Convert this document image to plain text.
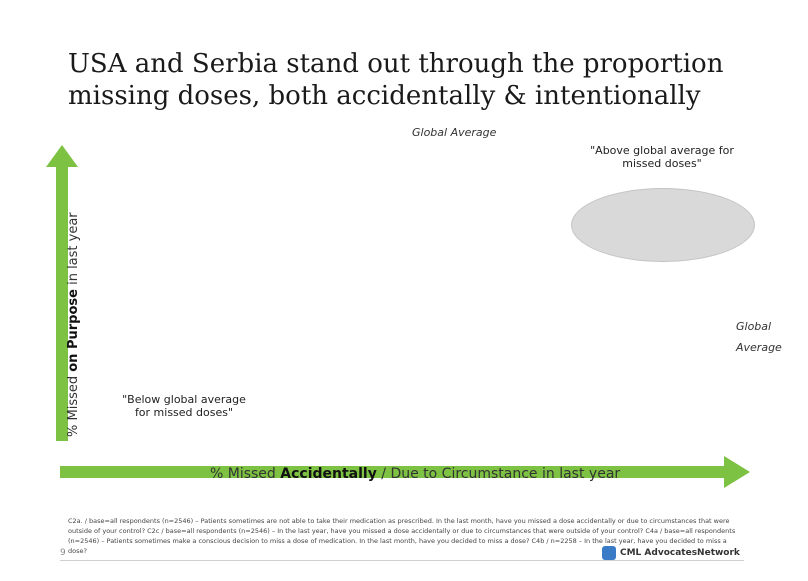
USA and Serbia stand out through the proportion
missing doses, both accidentally & intentionally
Global Average
"Above global average for missed doses"
Global
Average
"Below global average for missed doses"
% Missed on Purpose in last year
% Missed Accidentally / Due to Circumstance in last year
C2a. / base=all respondents (n=2546) – Patients sometimes are not able to take their medication as prescribed. In the last month, have you missed a dose accidentally or due to circumstances that were outside of your control? C2c / base=all respondents (n=2546) – In the last year, have you missed a dose accidentally or due to circumstances that were outside of your control? C4a / base=all respondents (n=2546) – Patients sometimes make a conscious decision to miss a dose of medication. In the last month, have you decided to miss a dose? C4b / n=2258 – In the last year, have you decided to miss a dose?
9	CML AdvocatesNetwork
